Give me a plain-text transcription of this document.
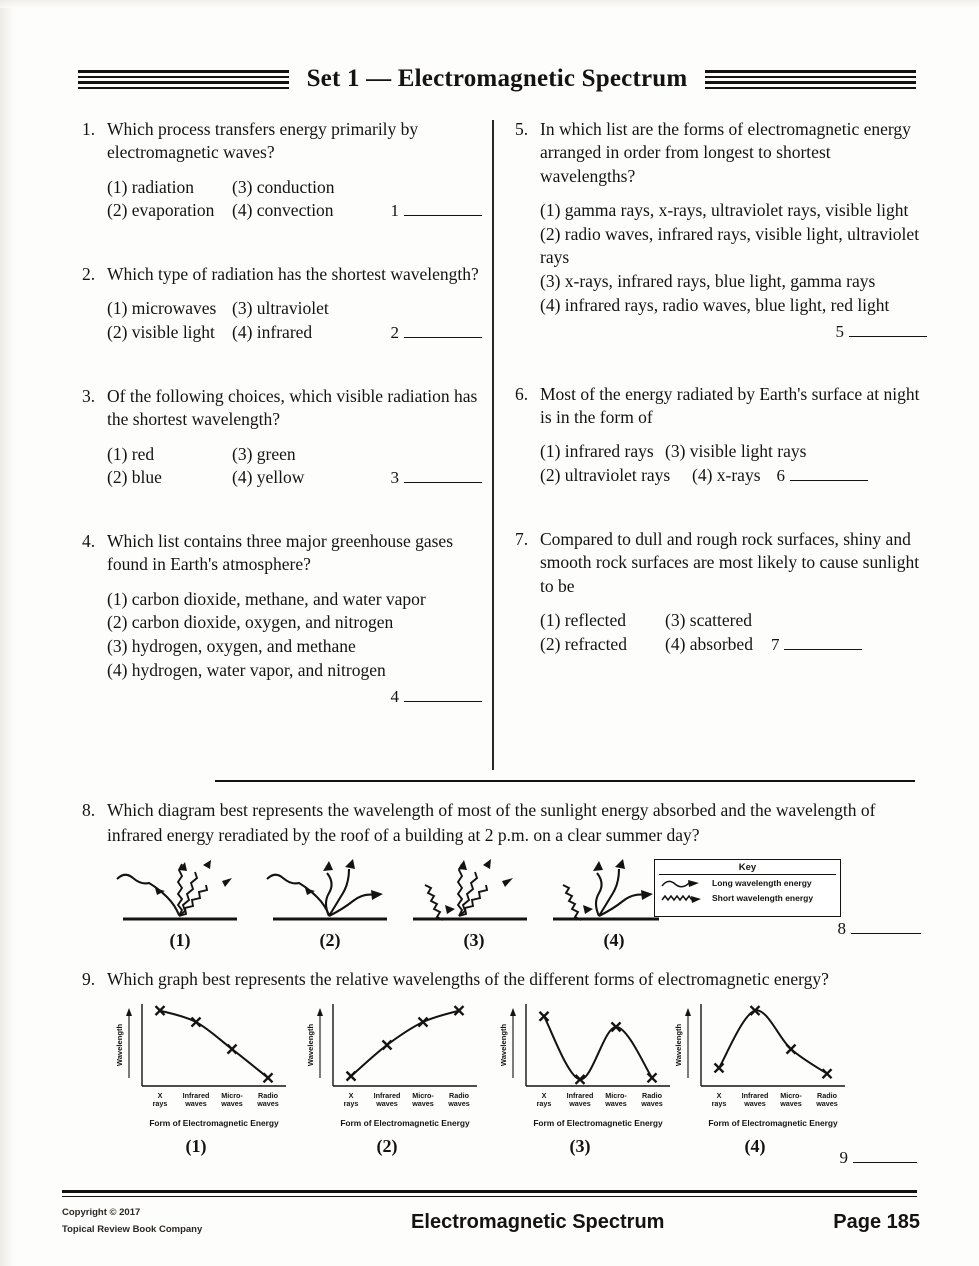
Set 1 — Electromagnetic Spectrum
1. Which process transfers energy primarily by electromagnetic waves?
(1) radiation	(3) conduction
(2) evaporation	(4) convection	1
2. Which type of radiation has the shortest wavelength?
(1) microwaves (3) ultraviolet
(2) visible light (4) infrared	2
3. Of the following choices, which visible radiation has the shortest wavelength?
(1) red	(3) green
(2) blue	(4) yellow	3
4. Which list contains three major greenhouse gases found in Earth's atmosphere?
(1) carbon dioxide, methane, and water vapor
(2) carbon dioxide, oxygen, and nitrogen
(3) hydrogen, oxygen, and methane
(4) hydrogen, water vapor, and nitrogen
4
5. In which list are the forms of electromagnetic energy arranged in order from longest to shortest wavelengths?
(1) gamma rays, x-rays, ultraviolet rays, visible light
(2) radio waves, infrared rays, visible light, ultraviolet rays
(3) x-rays, infrared rays, blue light, gamma rays
(4) infrared rays, radio waves, blue light, red light
5
6. Most of the energy radiated by Earth's surface at night is in the form of
(1) infrared rays (3) visible light rays
(2) ultraviolet rays	(4) x-rays 6
7. Compared to dull and rough rock surfaces, shiny and smooth rock surfaces are most likely to cause sunlight to be
(1) reflected	(3) scattered
(2) refracted	(4) absorbed 7
8. Which diagram best represents the wavelength of most of the sunlight energy absorbed and the wavelength of infrared energy reradiated by the roof of a building at 2 p.m. on a clear summer day?
(1)	(2)	(3)	(4)
Key
Long wavelength energy
Short wavelength energy
8
9. Which graph best represents the relative wavelengths of the different forms of electromagnetic energy?
Wavelength
X
rays
Infrared
waves
Micro-
waves
Radio
waves
Form of Electromagnetic Energy
(1)
Wavelength
X
rays
Infrared
waves
Micro-
waves
Radio
waves
Form of Electromagnetic Energy
(2)
Wavelength
X
rays
Infrared
waves
Micro-
waves
Radio
waves
Form of Electromagnetic Energy
(3)
Wavelength
X
rays
Infrared
waves
Micro-
waves
Radio
waves
Form of Electromagnetic Energy
(4)
9
Copyright © 2017
Topical Review Book Company	Electromagnetic Spectrum	Page 185
